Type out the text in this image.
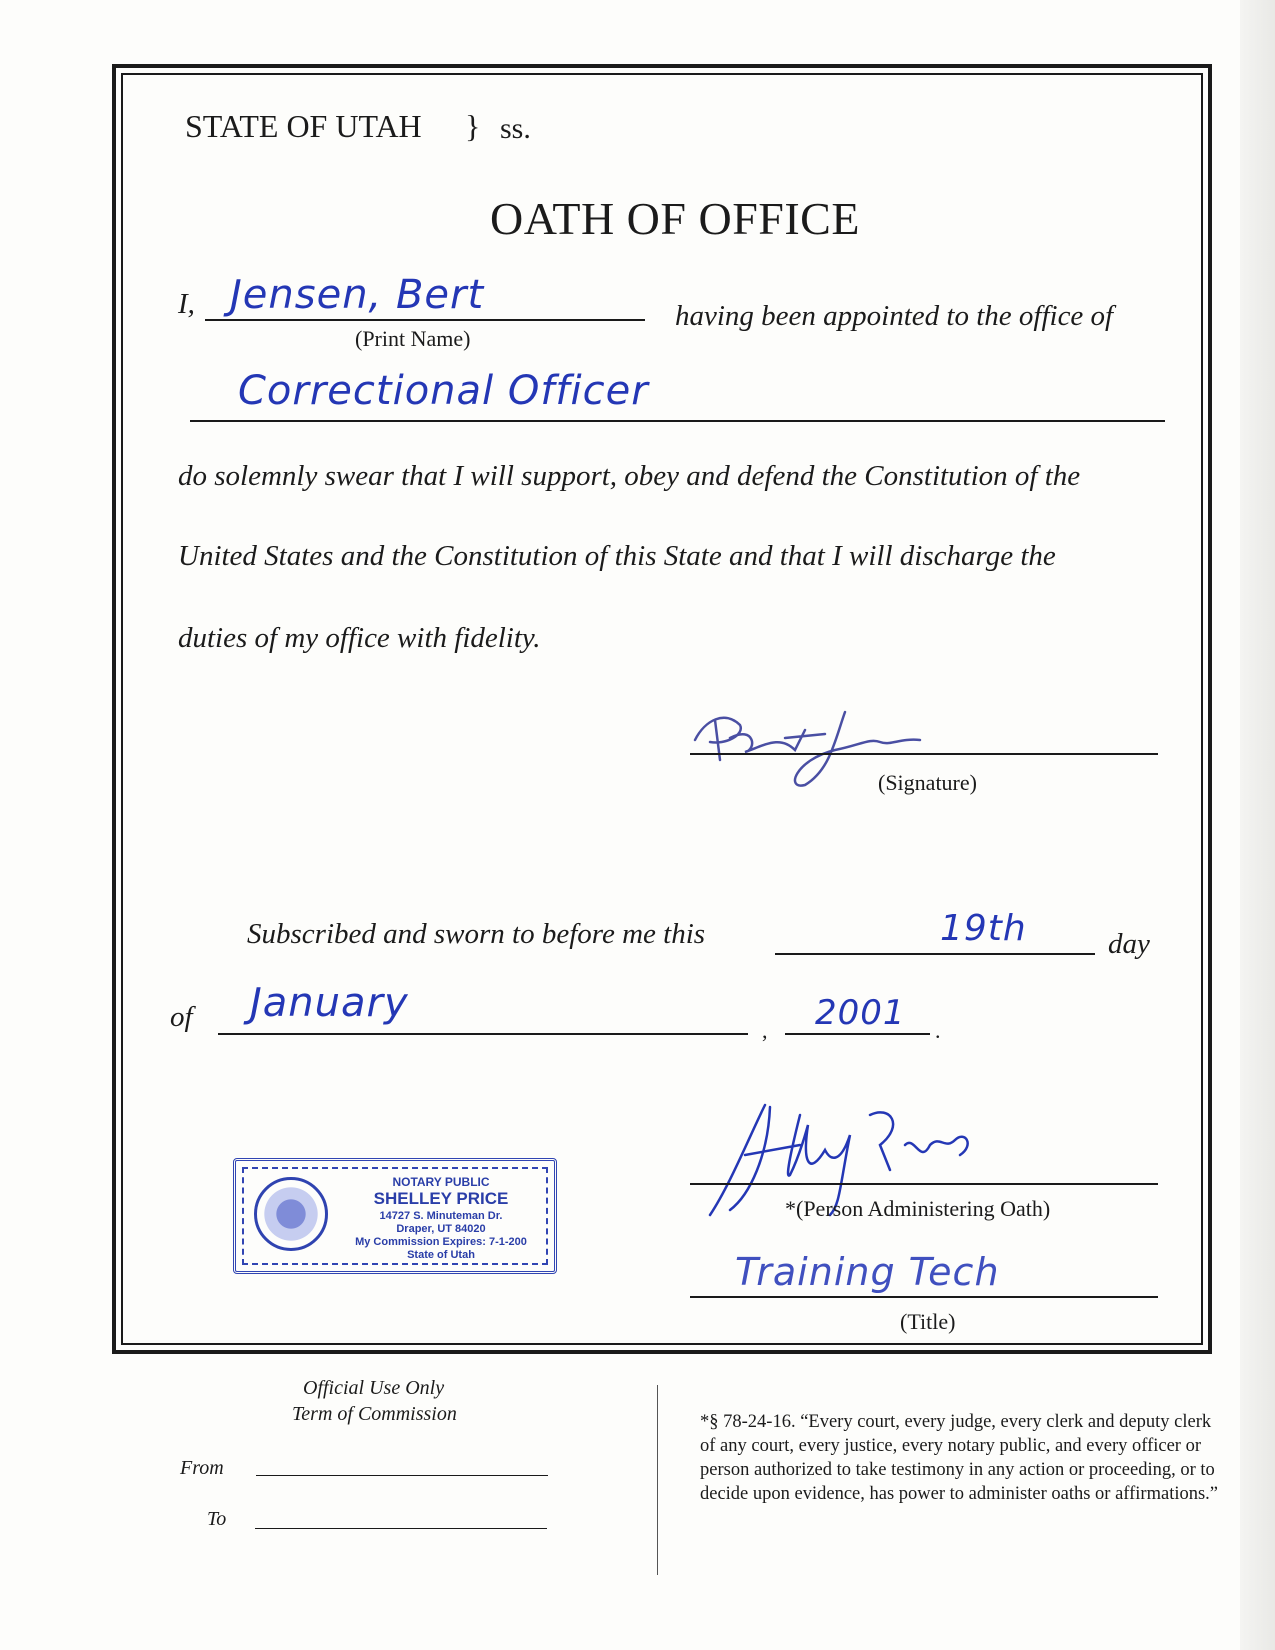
STATE OF UTAH } ss.
OATH OF OFFICE
I, Jensen, Bert
(Print Name)
having been appointed to the office of
Correctional Officer
do solemnly swear that I will support, obey and defend the Constitution of the
United States and the Constitution of this State and that I will discharge the
duties of my office with fidelity.
(Signature)
Subscribed and sworn to before me this	19th	day
of January
, 2001 .
NOTARY PUBLIC
SHELLEY PRICE
14727 S. Minuteman Dr.
Draper, UT 84020
My Commission Expires: 7-1-200
State of Utah
*(Person Administering Oath)
Training Tech
(Title)
Official Use Only
Term of Commission
From
To
*§ 78-24-16. “Every court, every judge, every clerk and deputy clerk of any court, every justice, every notary public, and every officer or person authorized to take testimony in any action or proceeding, or to decide upon evidence, has power to administer oaths or affirmations.”
